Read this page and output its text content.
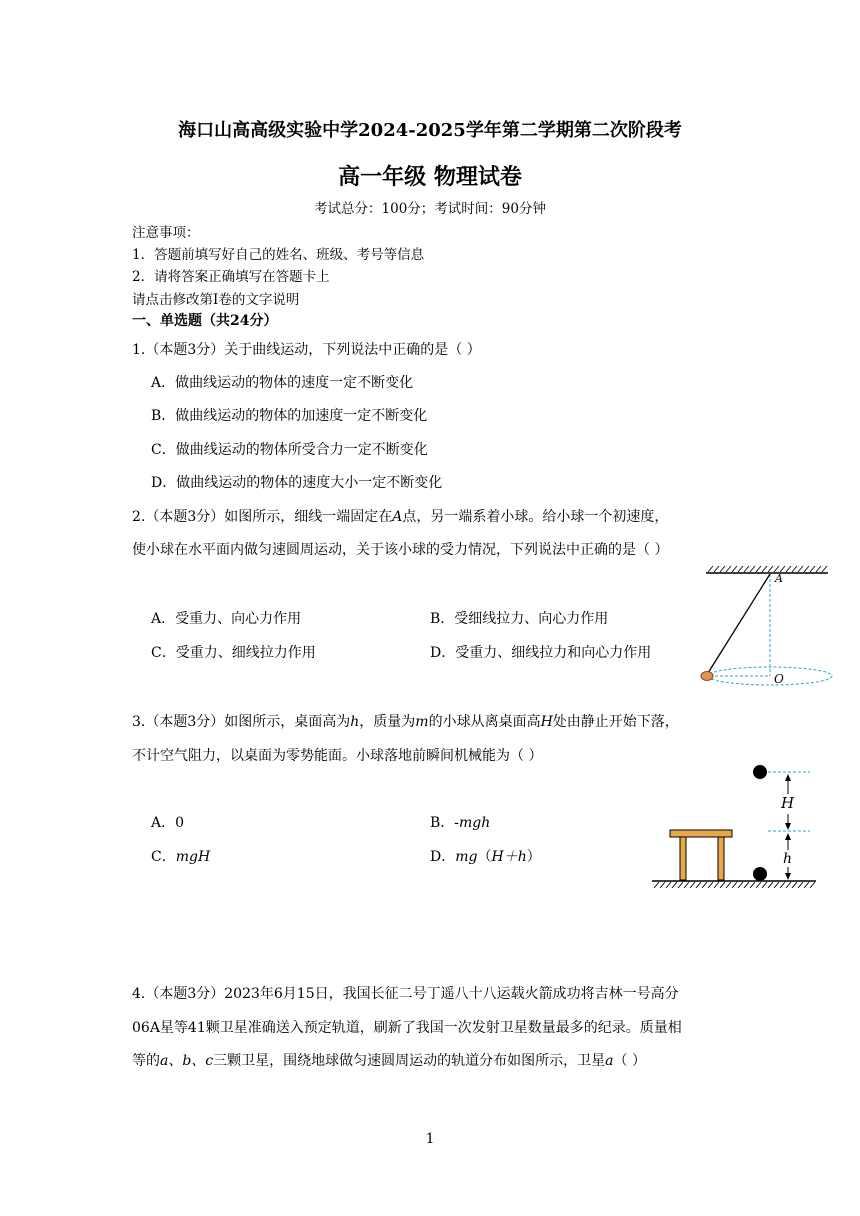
海口山高高级实验中学2024-2025学年第二学期第二次阶段考
高一年级 物理试卷
考试总分：100分；考试时间：90分钟
注意事项：
1．答题前填写好自己的姓名、班级、考号等信息
2．请将答案正确填写在答题卡上
请点击修改第Ⅰ卷的文字说明
一、单选题（共24分）
1.（本题3分）关于曲线运动，下列说法中正确的是（ ）
A．做曲线运动的物体的速度一定不断变化
B．做曲线运动的物体的加速度一定不断变化
C．做曲线运动的物体所受合力一定不断变化
D．做曲线运动的物体的速度大小一定不断变化
2.（本题3分）如图所示，细线一端固定在A点，另一端系着小球。给小球一个初速度，
使小球在水平面内做匀速圆周运动，关于该小球的受力情况，下列说法中正确的是（ ）
A．受重力、向心力作用	B．受细线拉力、向心力作用
C．受重力、细线拉力作用	D．受重力、细线拉力和向心力作用
A
O
3.（本题3分）如图所示，桌面高为h，质量为m的小球从离桌面高H处由静止开始下落，
不计空气阻力，以桌面为零势能面。小球落地前瞬间机械能为（ ）
A．0	B．-mgh
C．mgH	D．mg（H＋h）
H
h
4.（本题3分）2023年6月15日，我国长征二号丁遥八十八运载火箭成功将吉林一号高分
06A星等41颗卫星准确送入预定轨道，刷新了我国一次发射卫星数量最多的纪录。质量相
等的a、b、c三颗卫星，围绕地球做匀速圆周运动的轨道分布如图所示，卫星a（ ）
1
